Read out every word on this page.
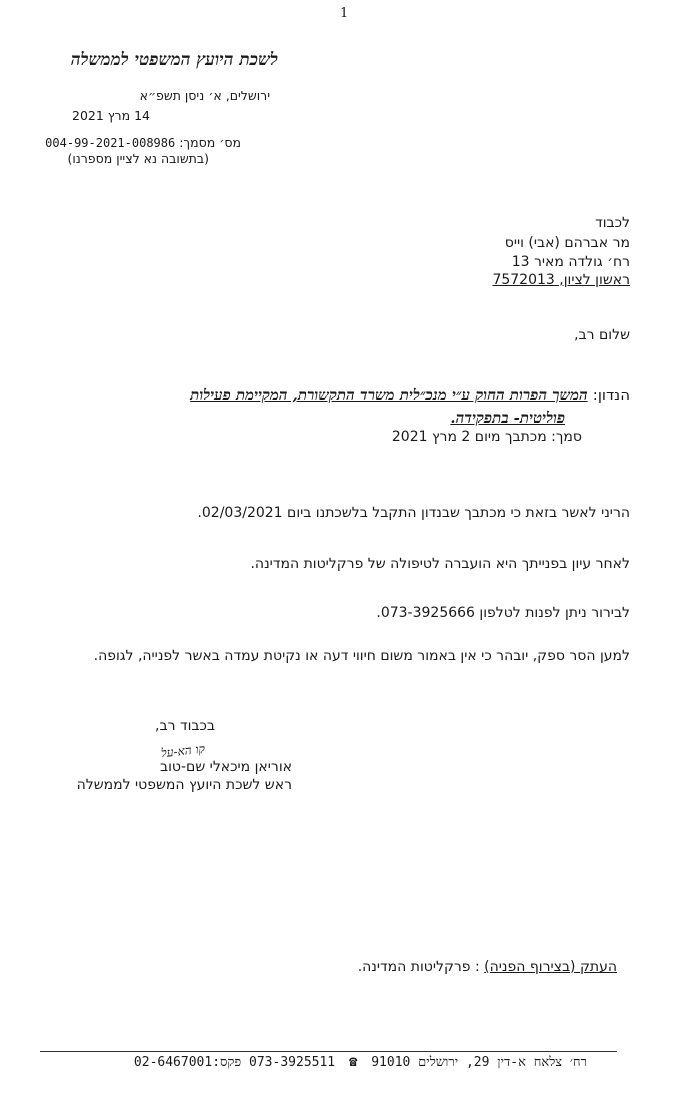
1
לשכת היועץ המשפטי לממשלה
ירושלים, א׳ ניסן תשפ״א
14 מרץ 2021
מס׳ מסמך: 004-99-2021-008986
(בתשובה נא לציין מספרנו)
לכבוד
מר אברהם (אבי) וייס
רח׳ גולדה מאיר 13
ראשון לציון, 7572013
שלום רב,
הנדון: המשך הפרות החוק ע״י מנכ״לית משרד התקשורת, המקיימת פעילות
פוליטית- בתפקידה.
סמך: מכתבך מיום 2 מרץ 2021
הריני לאשר בזאת כי מכתבך שבנדון התקבל בלשכתנו ביום 02/03/2021.
לאחר עיון בפנייתך היא הועברה לטיפולה של פרקליטות המדינה.
לבירור ניתן לפנות לטלפון 073-3925666.
למען הסר ספק, יובהר כי אין באמור משום חיווי דעה או נקיטת עמדה באשר לפנייה, לגופה.
בכבוד רב,
קו הא-על
אוריאן מיכאלי שם-טוב
ראש לשכת היועץ המשפטי לממשלה
העתק (בצירוף הפניה) : פרקליטות המדינה.
רח׳ צלאח א-דין 29, ירושלים 91010 ☎ 073-3925511 פקס:02-6467001
